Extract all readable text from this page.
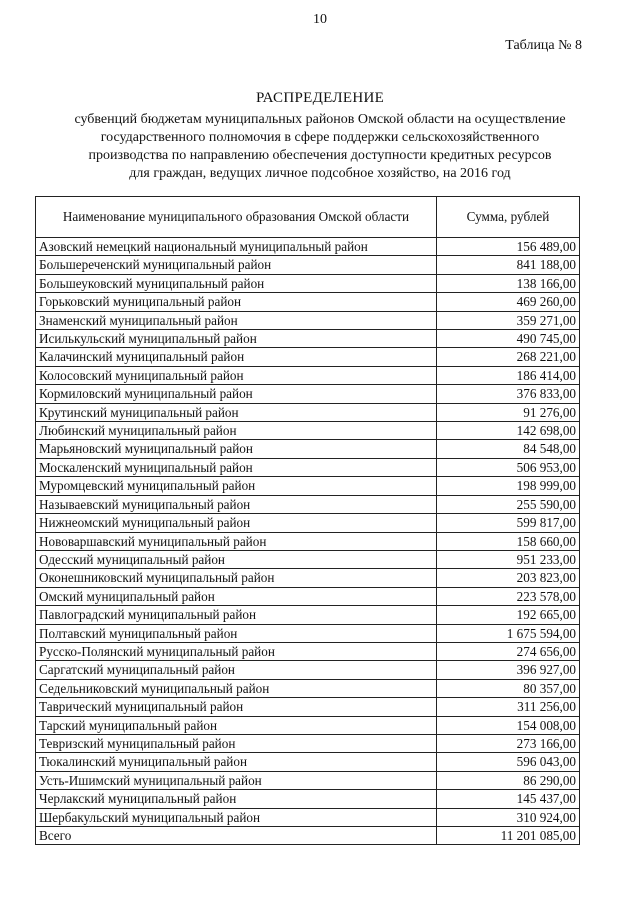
10
Таблица № 8
РАСПРЕДЕЛЕНИЕ
субвенций бюджетам муниципальных районов Омской области на осуществление
государственного полномочия в сфере поддержки сельскохозяйственного
производства по направлению обеспечения доступности кредитных ресурсов
для граждан, ведущих личное подсобное хозяйство, на 2016 год
Наименование муниципального образования Омской области	Сумма, рублей
Азовский немецкий национальный муниципальный район	156 489,00
Большереченский муниципальный район	841 188,00
Большеуковский муниципальный район	138 166,00
Горьковский муниципальный район	469 260,00
Знаменский муниципальный район	359 271,00
Исилькульский муниципальный район	490 745,00
Калачинский муниципальный район	268 221,00
Колосовский муниципальный район	186 414,00
Кормиловский муниципальный район	376 833,00
Крутинский муниципальный район	91 276,00
Любинский муниципальный район	142 698,00
Марьяновский муниципальный район	84 548,00
Москаленский муниципальный район	506 953,00
Муромцевский муниципальный район	198 999,00
Называевский муниципальный район	255 590,00
Нижнеомский муниципальный район	599 817,00
Нововаршавский муниципальный район	158 660,00
Одесский муниципальный район	951 233,00
Оконешниковский муниципальный район	203 823,00
Омский муниципальный район	223 578,00
Павлоградский муниципальный район	192 665,00
Полтавский муниципальный район	1 675 594,00
Русско-Полянский муниципальный район	274 656,00
Саргатский муниципальный район	396 927,00
Седельниковский муниципальный район	80 357,00
Таврический муниципальный район	311 256,00
Тарский муниципальный район	154 008,00
Тевризский муниципальный район	273 166,00
Тюкалинский муниципальный район	596 043,00
Усть-Ишимский муниципальный район	86 290,00
Черлакский муниципальный район	145 437,00
Шербакульский муниципальный район	310 924,00
Всего	11 201 085,00
